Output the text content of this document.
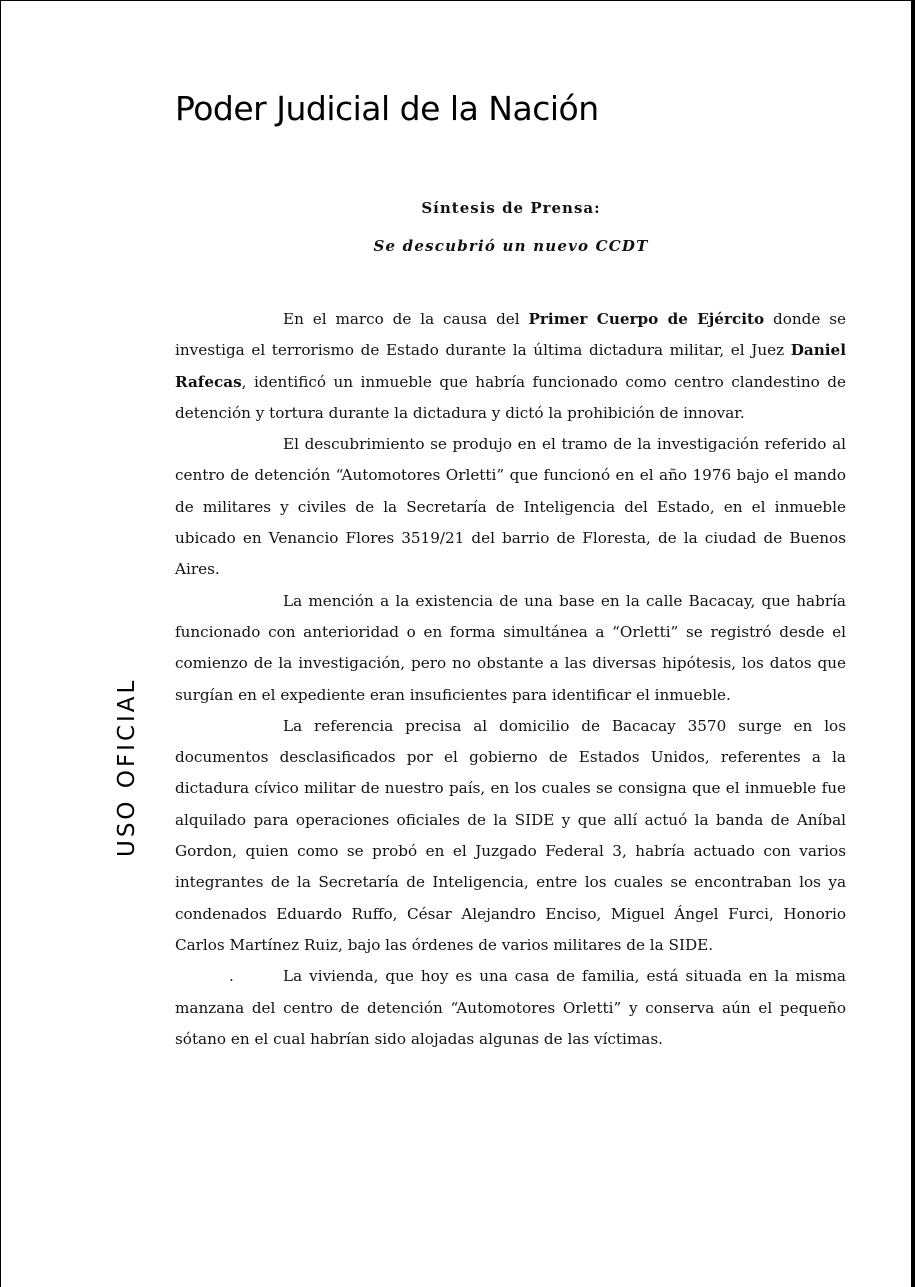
Poder Judicial de la Nación
Síntesis de Prensa:
Se descubrió un nuevo CCDT
USO OFICIAL

En el marco de la causa del Primer Cuerpo de Ejército donde se investiga el terrorismo de Estado durante la última dictadura militar, el Juez Daniel Rafecas, identificó un inmueble que habría funcionado como centro clandestino de detención y tortura durante la dictadura y dictó la prohibición de innovar.

El descubrimiento se produjo en el tramo de la investigación referido al centro de detención “Automotores Orletti” que funcionó en el año 1976 bajo el mando de militares y civiles de la Secretaría de Inteligencia del Estado, en el inmueble ubicado en Venancio Flores 3519/21 del barrio de Floresta, de la ciudad de Buenos Aires.

La mención a la existencia de una base en la calle Bacacay, que habría funcionado con anterioridad o en forma simultánea a “Orletti” se registró desde el comienzo de la investigación, pero no obstante a las diversas hipótesis, los datos que surgían en el expediente eran insuficientes para identificar el inmueble.

La referencia precisa al domicilio de Bacacay 3570 surge en los documentos desclasificados por el gobierno de Estados Unidos, referentes a la dictadura cívico militar de nuestro país, en los cuales se consigna que el inmueble fue alquilado para operaciones oficiales de la SIDE y que allí actuó la banda de Aníbal Gordon, quien como se probó en el Juzgado Federal 3, habría actuado con varios integrantes de la Secretaría de Inteligencia, entre los cuales se encontraban los ya condenados Eduardo Ruffo, César Alejandro Enciso, Miguel Ángel Furci, Honorio Carlos Martínez Ruiz, bajo las órdenes de varios militares de la SIDE.

.	La vivienda, que hoy es una casa de familia, está situada en la misma manzana del centro de detención “Automotores Orletti” y conserva aún el pequeño sótano en el cual habrían sido alojadas algunas de las víctimas.
